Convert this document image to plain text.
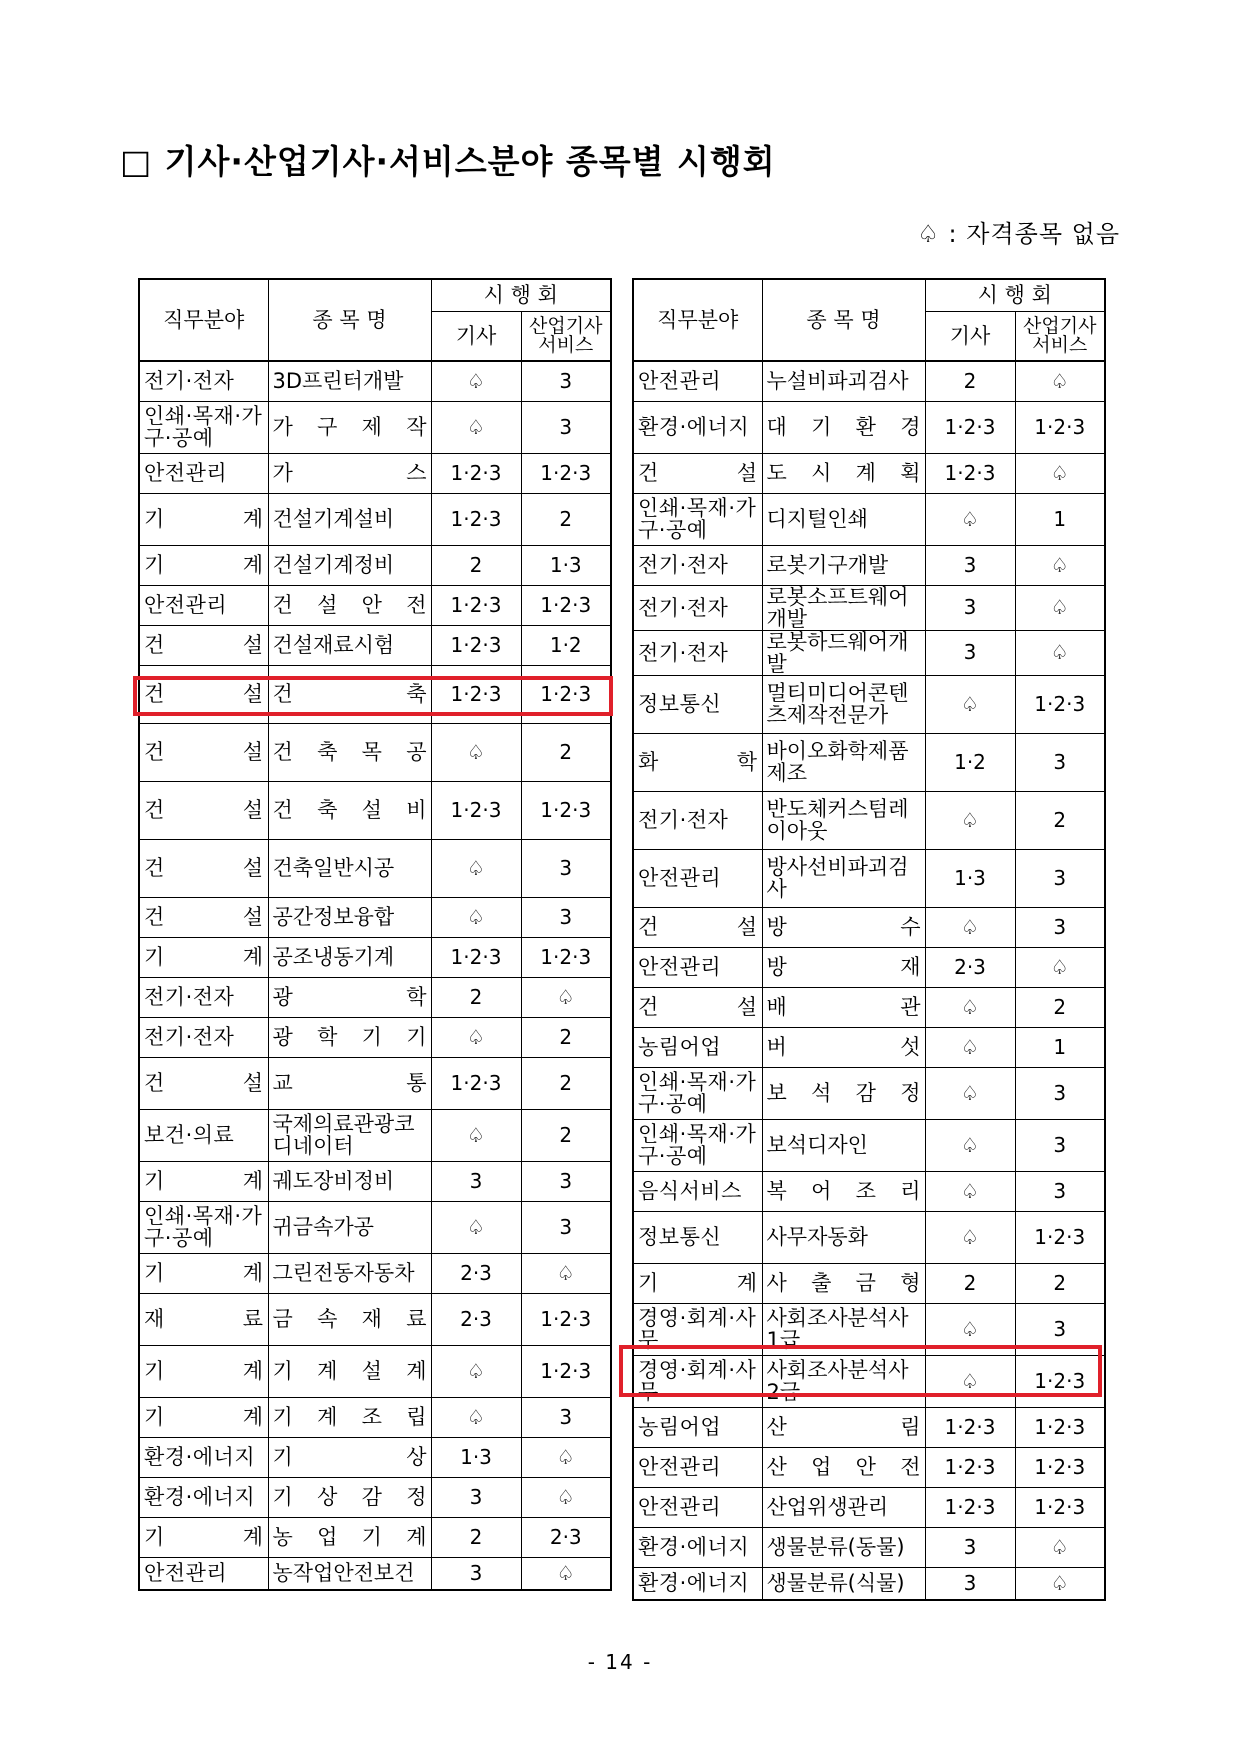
□ 기사·산업기사·서비스분야 종목별 시행회
♤ : 자격종목 없음
직무분야	종 목 명	시 행 회	
		기사	산업기사 서비스
전기·전자	3D프린터개발	♤	3
인쇄·목재·가구·공예	가 구 제 작	♤	3
안전관리	가 스	1·2·3	1·2·3
기 계	건설기계설비	1·2·3	2
기 계	건설기계정비	2	1·3
안전관리	건 설 안 전	1·2·3	1·2·3
건 설	건설재료시험	1·2·3	1·2
건 설	건 축	1·2·3	1·2·3
건 설	건 축 목 공	♤	2
건 설	건 축 설 비	1·2·3	1·2·3
건 설	건축일반시공	♤	3
건 설	공간정보융합	♤	3
기 계	공조냉동기계	1·2·3	1·2·3
전기·전자	광 학	2	♤
전기·전자	광 학 기 기	♤	2
건 설	교 통	1·2·3	2
보건·의료	국제의료관광코디네이터	♤	2
기 계	궤도장비정비	3	3
인쇄·목재·가구·공예	귀금속가공	♤	3
기 계	그린전동자동차	2·3	♤
재 료	금 속 재 료	2·3	1·2·3
기 계	기 계 설 계	♤	1·2·3
기 계	기 계 조 립	♤	3
환경·에너지	기 상	1·3	♤
환경·에너지	기 상 감 정	3	♤
기 계	농 업 기 계	2	2·3
안전관리	농작업안전보건	3	♤
직무분야	종 목 명	시 행 회	
		기사	산업기사 서비스
안전관리	누설비파괴검사	2	♤
환경·에너지	대 기 환 경	1·2·3	1·2·3
건 설	도 시 계 획	1·2·3	♤
인쇄·목재·가구·공예	디지털인쇄	♤	1
전기·전자	로봇기구개발	3	♤
전기·전자	로봇소프트웨어개발	3	♤
전기·전자	로봇하드웨어개발	3	♤
정보통신	멀티미디어콘텐츠제작전문가	♤	1·2·3
화 학	바이오화학제품제조	1·2	3
전기·전자	반도체커스텀레이아웃	♤	2
안전관리	방사선비파괴검사	1·3	3
건 설	방 수	♤	3
안전관리	방 재	2·3	♤
건 설	배 관	♤	2
농림어업	버 섯	♤	1
인쇄·목재·가구·공예	보 석 감 정	♤	3
인쇄·목재·가구·공예	보석디자인	♤	3
음식서비스	복 어 조 리	♤	3
정보통신	사무자동화	♤	1·2·3
기 계	사 출 금 형	2	2
경영·회계·사무	사회조사분석사1급	♤	3
경영·회계·사무	사회조사분석사2급	♤	1·2·3
농림어업	산 림	1·2·3	1·2·3
안전관리	산 업 안 전	1·2·3	1·2·3
안전관리	산업위생관리	1·2·3	1·2·3
환경·에너지	생물분류(동물)	3	♤
환경·에너지	생물분류(식물)	3	♤
- 14 -
